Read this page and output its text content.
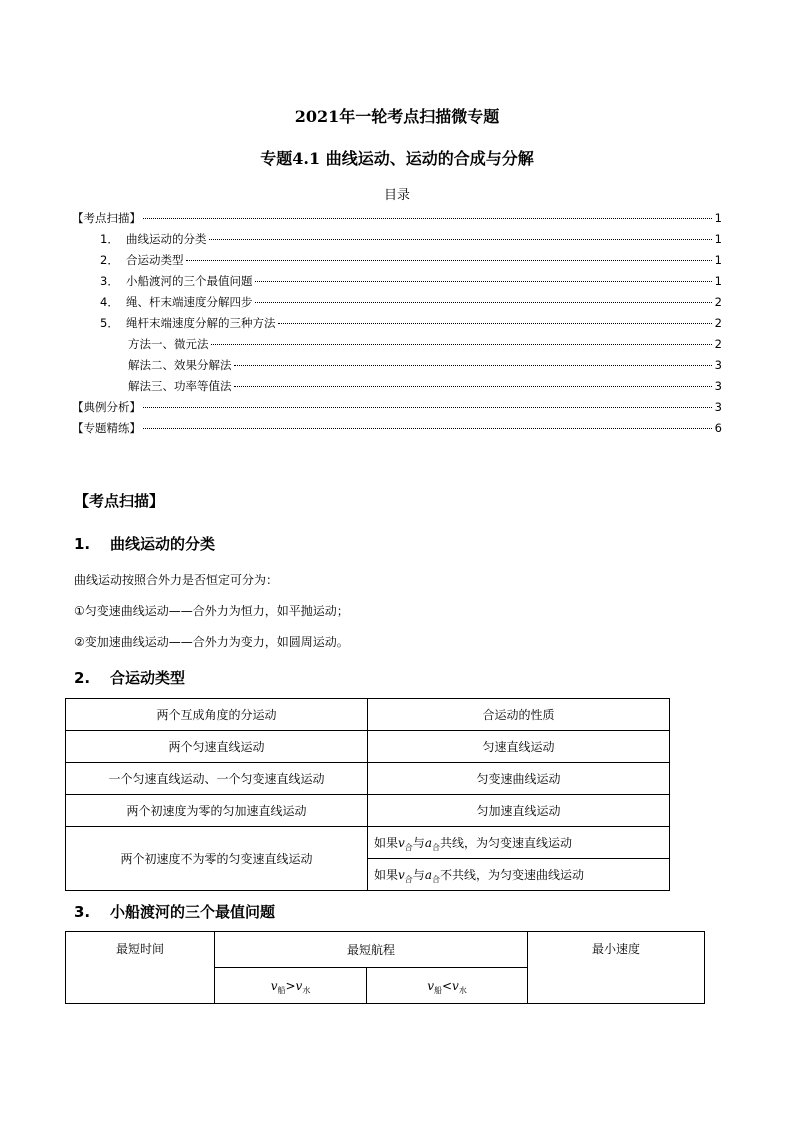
2021年一轮考点扫描微专题
专题4.1 曲线运动、运动的合成与分解
目录
【考点扫描】	1
1． 曲线运动的分类	1
2． 合运动类型	1
3． 小船渡河的三个最值问题	1
4． 绳、杆末端速度分解四步	2
5． 绳杆末端速度分解的三种方法	2
方法一、微元法	2
解法二、效果分解法	3
解法三、功率等值法	3
【典例分析】	3
【专题精练】	6
【考点扫描】
1. 曲线运动的分类
曲线运动按照合外力是否恒定可分为：
①匀变速曲线运动——合外力为恒力，如平抛运动；
②变加速曲线运动——合外力为变力，如圆周运动。
2. 合运动类型
两个互成角度的分运动	合运动的性质
两个匀速直线运动	匀速直线运动
一个匀速直线运动、一个匀变速直线运动	匀变速曲线运动
两个初速度为零的匀加速直线运动	匀加速直线运动
两个初速度不为零的匀变速直线运动	如果$v_合$与$a_合$共线，为匀变速直线运动
	如果$v_合$与$a_合$不共线，为匀变速曲线运动
3. 小船渡河的三个最值问题
最短时间	最短航程		最小速度
	$v_船>v_水$	$v_船<v_水$
